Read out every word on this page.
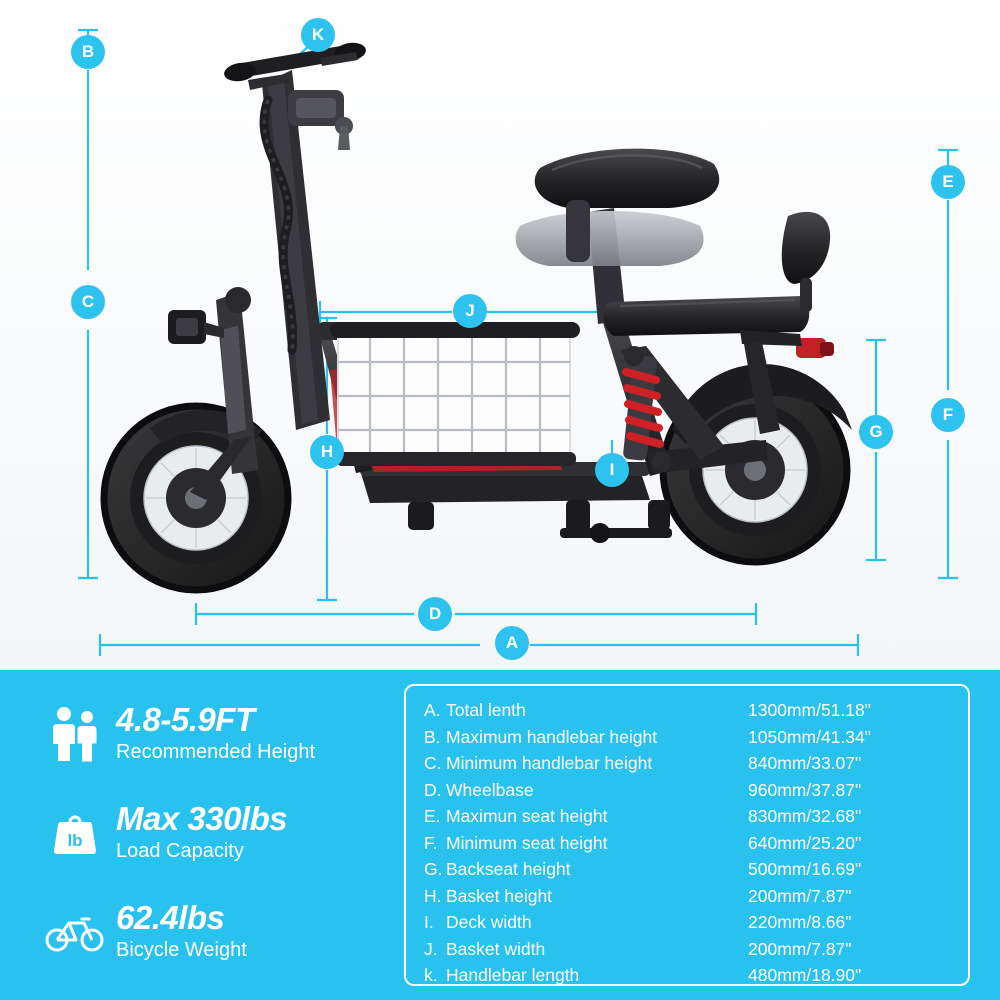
A
B
C
D
E
F
G
H
I
J
K
4.8-5.9FT
Recommended Height
lb
Max 330lbs
Load Capacity
62.4lbs
Bicycle Weight
A. Total lenth	1300mm/51.18"
B. Maximum handlebar height	1050mm/41.34"
C. Minimum handlebar height	840mm/33.07"
D. Wheelbase	960mm/37.87"
E. Maximun seat height	830mm/32.68"
F. Minimum seat height	640mm/25.20"
G. Backseat height	500mm/16.69"
H. Basket height	200mm/7.87"
I. Deck width	220mm/8.66"
J. Basket width	200mm/7.87"
k. Handlebar length	480mm/18.90"
